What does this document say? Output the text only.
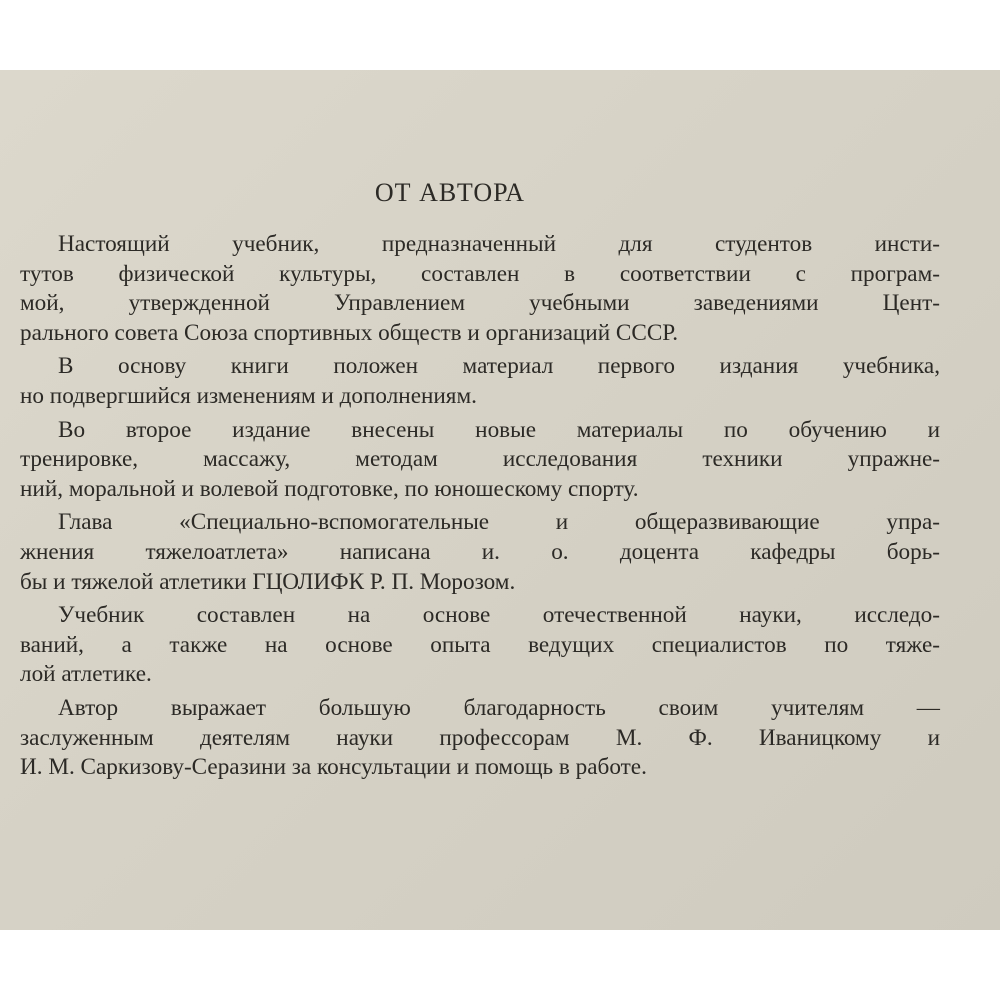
ОТ АВТОРА
Настоящий учебник, предназначенный для студентов инсти-
тутов физической культуры, составлен в соответствии с програм-
мой, утвержденной Управлением учебными заведениями Цент-
рального совета Союза спортивных обществ и организаций СССР.
В основу книги положен материал первого издания учебника,
но подвергшийся изменениям и дополнениям.
Во второе издание внесены новые материалы по обучению и
тренировке, массажу, методам исследования техники упражне-
ний, моральной и волевой подготовке, по юношескому спорту.
Глава «Специально-вспомогательные и общеразвивающие упра-
жнения тяжелоатлета» написана и. о. доцента кафедры борь-
бы и тяжелой атлетики ГЦОЛИФК Р. П. Морозом.
Учебник составлен на основе отечественной науки, исследо-
ваний, а также на основе опыта ведущих специалистов по тяже-
лой атлетике.
Автор выражает большую благодарность своим учителям —
заслуженным деятелям науки профессорам М. Ф. Иваницкому и
И. М. Саркизову-Серазини за консультации и помощь в работе.
